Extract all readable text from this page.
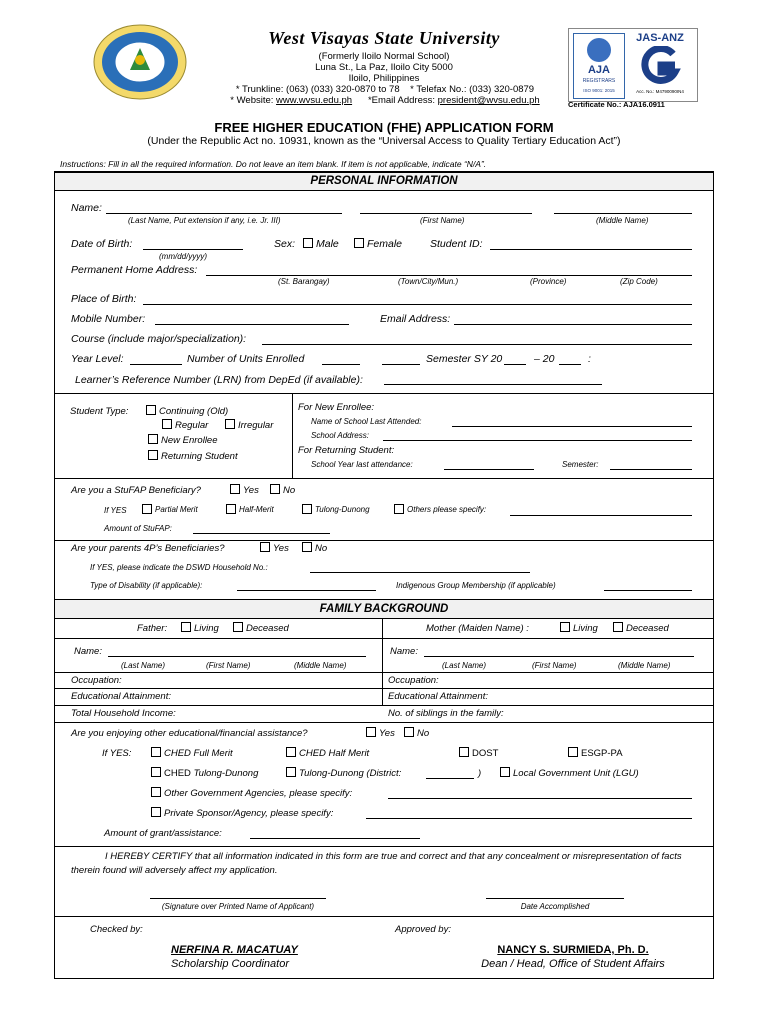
West Visayas State University
(Formerly Iloilo Normal School)
Luna St., La Paz, Iloilo City 5000
Iloilo, Philippines
* Trunkline: (063) (033) 320-0870 to 78    * Telefax No.: (033) 320-0879
* Website: www.wvsu.edu.ph *Email Address: president@wvsu.edu.ph
AJA
REGISTRARS
ISO 9001: 2015
JAS-ANZ
Acc. No.: M4790090IN4
Certificate No.: AJA16.0911
FREE HIGHER EDUCATION (FHE) APPLICATION FORM
(Under the Republic Act no. 10931, known as the “Universal Access to Quality Tertiary Education Act”)
Instructions: Fill in all the required information. Do not leave an item blank. If item is not applicable, indicate “N/A”.
PERSONAL INFORMATION
Name:
(Last Name, Put extension if any, i.e. Jr. III)	(First Name)	(Middle Name)
Date of Birth:
(mm/dd/yyyy)
Sex:	Male	Female	Student ID:
Permanent Home Address:
(St. Barangay)	(Town/City/Mun.)	(Province)	(Zip Code)
Place of Birth:
Mobile Number:	Email Address:
Course (include major/specialization):
Year Level:	Number of Units Enrolled	Semester SY 20	– 20	:
Learner’s Reference Number (LRN) from DepEd (if available):
Student Type:	Continuing (Old)
Regular	Irregular
New Enrollee
Returning Student
For New Enrollee:
Name of School Last Attended:
School Address:
For Returning Student:
School Year last attendance:	Semester:
Are you a StuFAP Beneficiary?	Yes	No
If YES	Partial Merit	Half-Merit	Tulong-Dunong	Others please specify:
Amount of StuFAP:
Are your parents 4P’s Beneficiaries?	Yes	No
If YES, please indicate the DSWD Household No.:
Type of Disability (if applicable):	Indigenous Group Membership (if applicable)
FAMILY BACKGROUND
Father:	Living	Deceased	Mother (Maiden Name) :	Living	Deceased
Name:
(Last Name)	(First Name)	(Middle Name)
Name:
(Last Name)	(First Name)	(Middle Name)
Occupation:	Occupation:
Educational Attainment:	Educational Attainment:
Total Household Income:	No. of siblings in the family:
Are you enjoying other educational/financial assistance?	Yes	No
If YES:	CHED Full Merit	CHED Half Merit	DOST	ESGP-PA
CHED Tulong-Dunong	Tulong-Dunong (District:	)	Local Government Unit (LGU)
Other Government Agencies, please specify:
Private Sponsor/Agency, please specify:
Amount of grant/assistance:
I HEREBY CERTIFY that all information indicated in this form are true and correct and that any concealment or misrepresentation of facts therein found will adversely affect my application.
(Signature over Printed Name of Applicant)	Date Accomplished
Checked by:	Approved by:
NERFINA R. MACATUAY
Scholarship Coordinator
NANCY S. SURMIEDA, Ph. D.
Dean / Head, Office of Student Affairs
